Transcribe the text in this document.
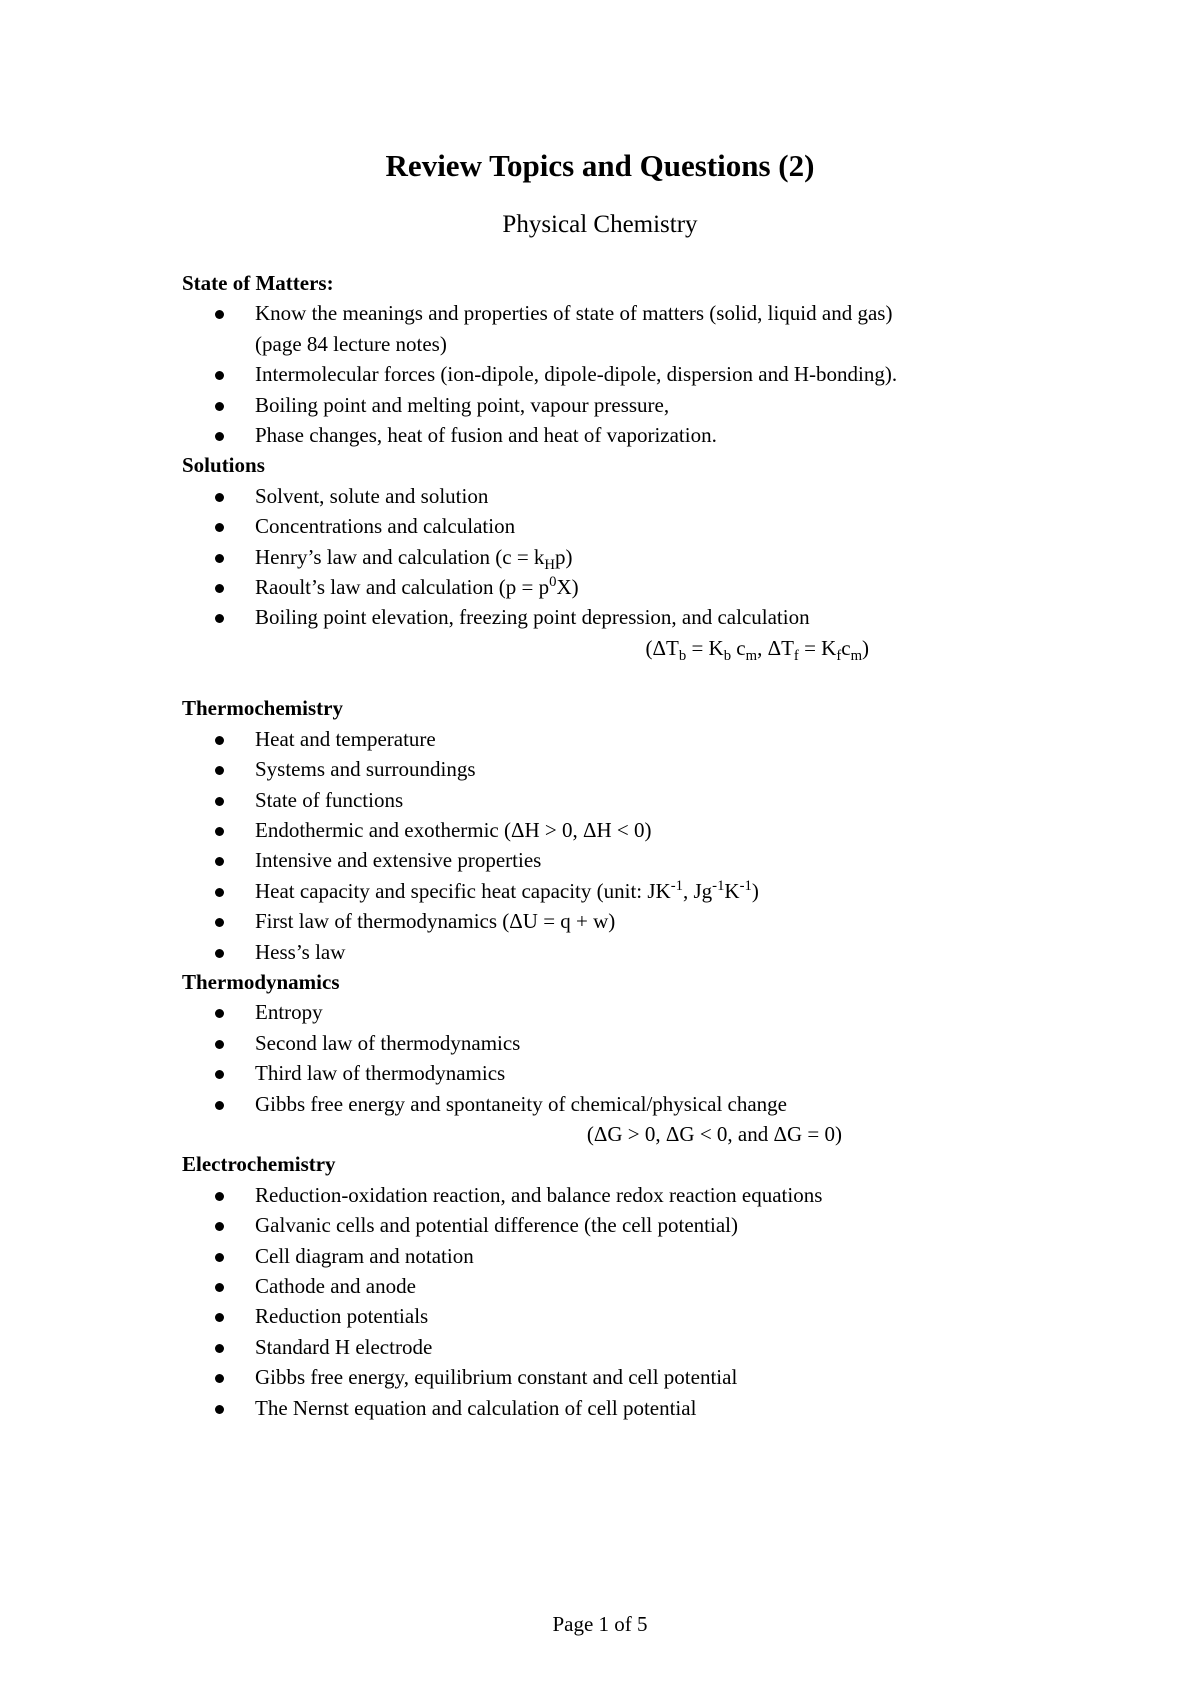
Review Topics and Questions (2)
Physical Chemistry
State of Matters:
Know the meanings and properties of state of matters (solid, liquid and gas)
(page 84 lecture notes)
Intermolecular forces (ion-dipole, dipole-dipole, dispersion and H-bonding).
Boiling point and melting point, vapour pressure,
Phase changes, heat of fusion and heat of vaporization.
Solutions
Solvent, solute and solution
Concentrations and calculation
Henry’s law and calculation $(c = k_Hp)$
Raoult’s law and calculation $(p = p^0X)$
Boiling point elevation, freezing point depression, and calculation
($\Delta T_b = K_b$ $c_m$, $\Delta T_f = K_fc_m$)
Thermochemistry
Heat and temperature
Systems and surroundings
State of functions
Endothermic and exothermic (ΔH > 0, ΔH < 0)
Intensive and extensive properties
Heat capacity and specific heat capacity (unit: $JK^{-1}$, $Jg^{-1}K^{-1}$)
First law of thermodynamics (ΔU = q + w)
Hess’s law
Thermodynamics
Entropy
Second law of thermodynamics
Third law of thermodynamics
Gibbs free energy and spontaneity of chemical/physical change
(ΔG > 0, ΔG < 0, and ΔG = 0)
Electrochemistry
Reduction-oxidation reaction, and balance redox reaction equations
Galvanic cells and potential difference (the cell potential)
Cell diagram and notation
Cathode and anode
Reduction potentials
Standard H electrode
Gibbs free energy, equilibrium constant and cell potential
The Nernst equation and calculation of cell potential
Page 1 of 5
